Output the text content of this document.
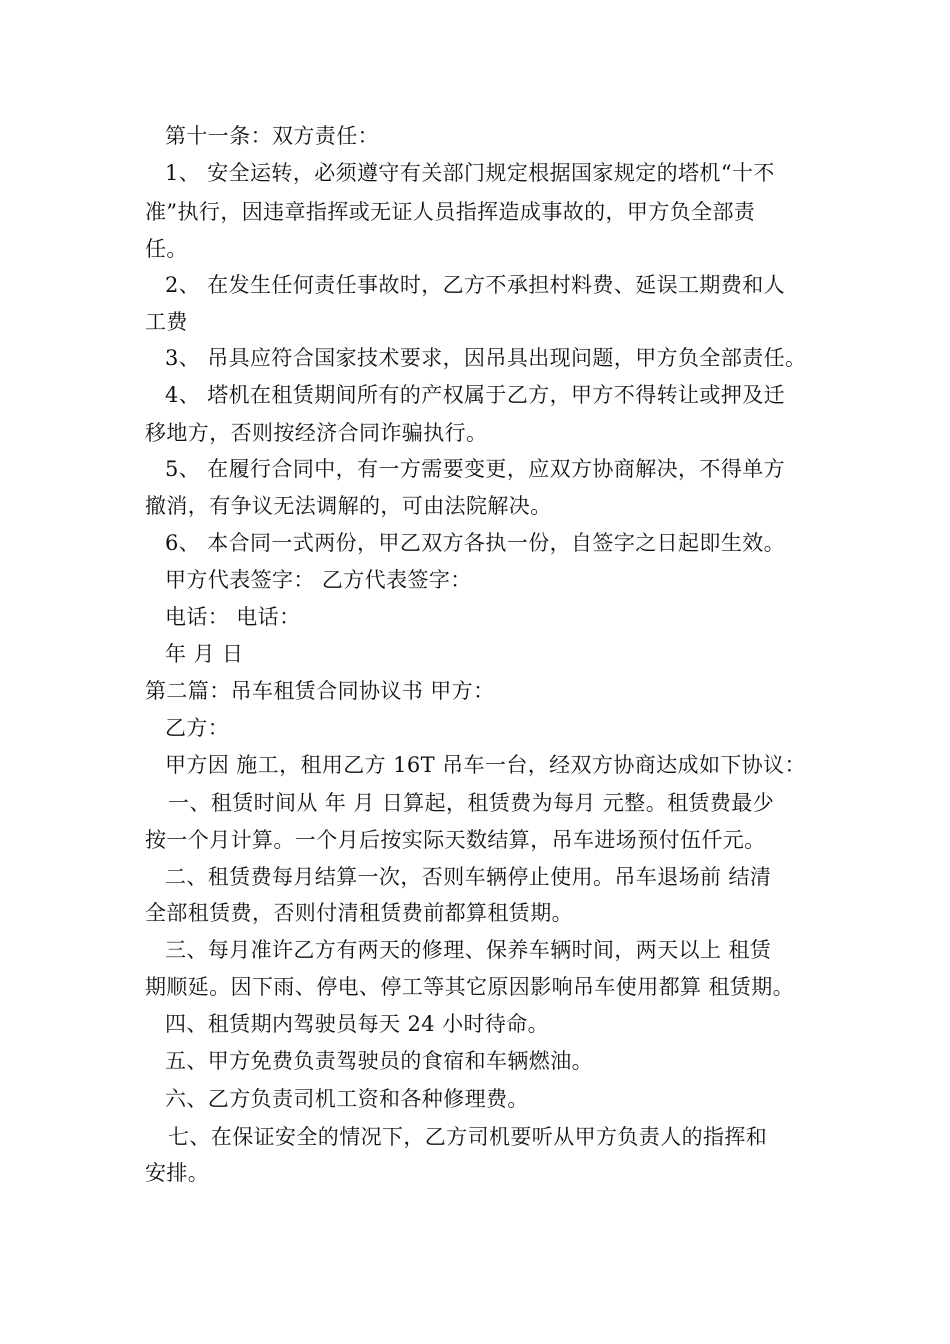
第十一条：双方责任：
1、 安全运转，必须遵守有关部门规定根据国家规定的塔机“十不
准”执行，因违章指挥或无证人员指挥造成事故的，甲方负全部责
任。
2、 在发生任何责任事故时，乙方不承担村料费、延误工期费和人
工费
3、 吊具应符合国家技术要求，因吊具出现问题，甲方负全部责任。
4、 塔机在租赁期间所有的产权属于乙方，甲方不得转让或押及迁
移地方，否则按经济合同诈骗执行。
5、 在履行合同中，有一方需要变更，应双方协商解决，不得单方
撤消，有争议无法调解的，可由法院解决。
6、 本合同一式两份，甲乙双方各执一份，自签字之日起即生效。
甲方代表签字： 乙方代表签字：
电话： 电话：
年 月 日
第二篇：吊车租赁合同协议书 甲方：
乙方：
甲方因 施工，租用乙方 16T 吊车一台，经双方协商达成如下协议：
一、租赁时间从 年 月 日算起，租赁费为每月 元整。租赁费最少
按一个月计算。一个月后按实际天数结算，吊车进场预付伍仟元。
二、租赁费每月结算一次，否则车辆停止使用。吊车退场前 结清
全部租赁费，否则付清租赁费前都算租赁期。
三、每月准许乙方有两天的修理、保养车辆时间，两天以上 租赁
期顺延。因下雨、停电、停工等其它原因影响吊车使用都算 租赁期。
四、租赁期内驾驶员每天 24 小时待命。
五、甲方免费负责驾驶员的食宿和车辆燃油。
六、乙方负责司机工资和各种修理费。
七、在保证安全的情况下，乙方司机要听从甲方负责人的指挥和
安排。
